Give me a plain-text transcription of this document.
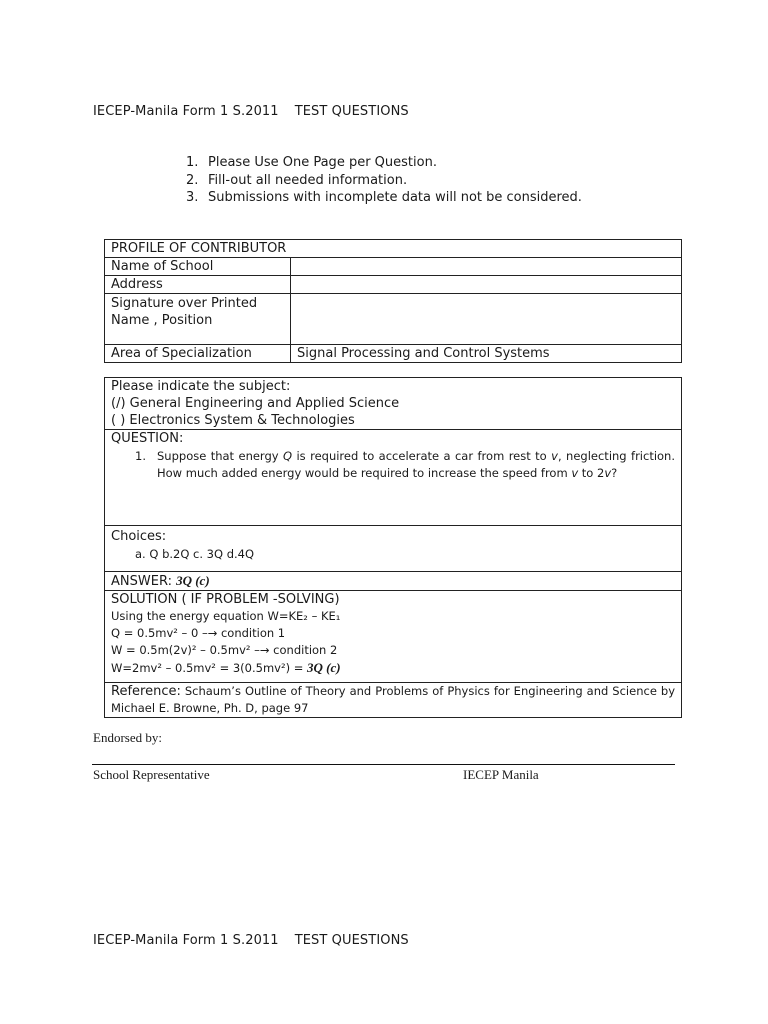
IECEP-Manila Form 1 S.2011 TEST QUESTIONS
1. Please Use One Page per Question.
2. Fill-out all needed information.
3. Submissions with incomplete data will not be considered.
PROFILE OF CONTRIBUTOR	
Name of School	
Address	
Signature over Printed Name , Position	
Area of Specialization	Signal Processing and Control Systems
Please indicate the subject:
(/) General Engineering and Applied Science
( ) Electronics System & Technologies

QUESTION:
1. Suppose that energy Q is required to accelerate a car from rest to v, neglecting friction. How much added energy would be required to increase the speed from v to 2v?

Choices:
a. Q b.2Q c. 3Q d.4Q

ANSWER: 3Q (c)

SOLUTION ( IF PROBLEM -SOLVING)
Using the energy equation W=KE₂ – KE₁
Q = 0.5mv² – 0 –→ condition 1
W = 0.5m(2v)² – 0.5mv² –→ condition 2
W=2mv² – 0.5mv² = 3(0.5mv²) = 3Q (c)

Reference: Schaum’s Outline of Theory and Problems of Physics for Engineering and Science by Michael E. Browne, Ph. D, page 97
Endorsed by:
School Representative	IECEP Manila
IECEP-Manila Form 1 S.2011 TEST QUESTIONS
